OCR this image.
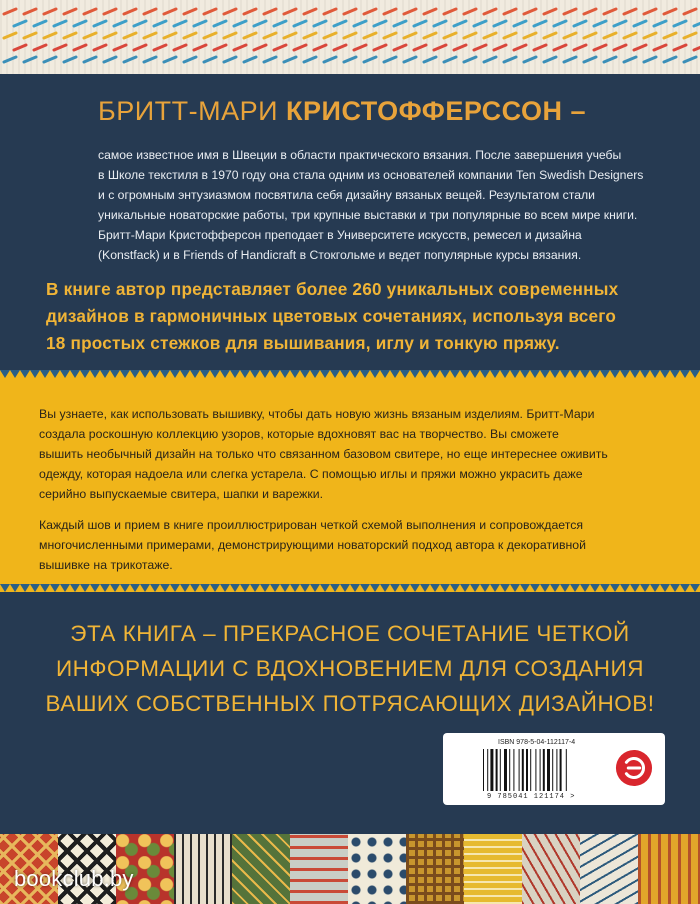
БРИТТ-МАРИ КРИСТОФФЕРССОН –
самое известное имя в Швеции в области практического вязания. После завершения учебы
в Школе текстиля в 1970 году она стала одним из основателей компании Ten Swedish Designers
и с огромным энтузиазмом посвятила себя дизайну вязаных вещей. Результатом стали
уникальные новаторские работы, три крупные выставки и три популярные во всем мире книги.
Бритт-Мари Кристофферсон преподает в Университете искусств, ремесел и дизайна
(Konstfack) и в Friends of Handicraft в Стокгольме и ведет популярные курсы вязания.
В книге автор представляет более 260 уникальных современных
дизайнов в гармоничных цветовых сочетаниях, используя всего
18 простых стежков для вышивания, иглу и тонкую пряжу.

Вы узнаете, как использовать вышивку, чтобы дать новую жизнь вязаным изделиям. Бритт-Мари
создала роскошную коллекцию узоров, которые вдохновят вас на творчество. Вы сможете
вышить необычный дизайн на только что связанном базовом свитере, но еще интереснее оживить
одежду, которая надоела или слегка устарела. С помощью иглы и пряжи можно украсить даже
серийно выпускаемые свитера, шапки и варежки.

Каждый шов и прием в книге проиллюстрирован четкой схемой выполнения и сопровождается
многочисленными примерами, демонстрирующими новаторский подход автора к декоративной
вышивке на трикотаже.

ЭТА КНИГА – ПРЕКРАСНОЕ СОЧЕТАНИЕ ЧЕТКОЙ
ИНФОРМАЦИИ С ВДОХНОВЕНИЕМ ДЛЯ СОЗДАНИЯ
ВАШИХ СОБСТВЕННЫХ ПОТРЯСАЮЩИХ ДИЗАЙНОВ!
ISBN 978-5-04-112117-4
9 785041 121174 >
bookclub.by
